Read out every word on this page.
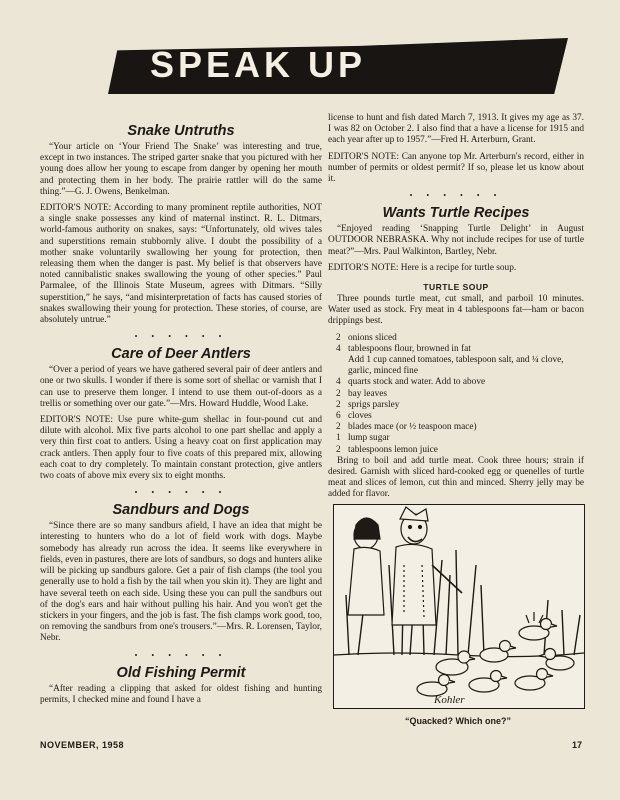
SPEAK UP
Snake Untruths

“Your article on ‘Your Friend The Snake’ was interesting and true, except in two instances. The striped garter snake that you pictured with her young does allow her young to escape from danger by opening her mouth and protecting them in her body. The prairie rattler will do the same thing.”—G. J. Owens, Benkelman.

EDITOR'S NOTE: According to many prominent reptile authorities, NOT a single snake possesses any kind of maternal instinct. R. L. Ditmars, world-famous authority on snakes, says: “Unfortunately, old wives tales and superstitions remain stubbornly alive. I doubt the possibility of a mother snake voluntarily swallowing her young for protection, then releasing them when the danger is past. My belief is that observers have noted cannibalistic snakes swallowing the young of other species.” Paul Parmalee, of the Illinois State Museum, agrees with Ditmars. “Silly superstition,” he says, “and misinterpretation of facts has caused stories of snakes swallowing their young for protection. These stories, of course, are absolutely untrue.”

• • • • • •
Care of Deer Antlers

“Over a period of years we have gathered several pair of deer antlers and one or two skulls. I wonder if there is some sort of shellac or varnish that I can use to preserve them longer. I intend to use them out-of-doors as a trellis or something over our gate.”—Mrs. Howard Huddle, Wood Lake.

EDITOR'S NOTE: Use pure white-gum shellac in four-pound cut and dilute with alcohol. Mix five parts alcohol to one part shellac and apply a very thin first coat to antlers. Using a heavy coat on first application may crack antlers. Then apply four to five coats of this prepared mix, allowing each coat to dry completely. To maintain constant protection, give antlers two coats of above mix every six to eight months.

• • • • • •
Sandburs and Dogs

“Since there are so many sandburs afield, I have an idea that might be interesting to hunters who do a lot of field work with dogs. Maybe somebody has already run across the idea. It seems like everywhere in fields, even in pastures, there are lots of sandburs, so dogs and hunters alike will be picking up sandburs galore. Get a pair of fish clamps (the tool you generally use to hold a fish by the tail when you skin it). They are light and have several teeth on each side. Using these you can pull the sandburs out of the dog's ears and hair without pulling his hair. And you won't get the stickers in your fingers, and the job is fast. The fish clamps work good, too, on removing the sandburs from one's trousers.”—Mrs. R. Lorensen, Taylor, Nebr.

• • • • • •
Old Fishing Permit

“After reading a clipping that asked for oldest fishing and hunting permits, I checked mine and found I have a

license to hunt and fish dated March 7, 1913. It gives my age as 37. I was 82 on October 2. I also find that a have a license for 1915 and each year after up to 1957.”—Fred H. Arterburn, Grant.

EDITOR'S NOTE: Can anyone top Mr. Arterburn's record, either in number of permits or oldest permit? If so, please let us know about it.

• • • • • •
Wants Turtle Recipes

“Enjoyed reading ‘Snapping Turtle Delight’ in August OUTDOOR NEBRASKA. Why not include recipes for use of turtle meat?”—Mrs. Paul Walkinton, Bartley, Nebr.

EDITOR'S NOTE: Here is a recipe for turtle soup.

TURTLE SOUP

Three pounds turtle meat, cut small, and parboil 10 minutes. Water used as stock. Fry meat in 4 tablespoons fat—ham or bacon drippings best.

2 onions sliced
4 tablespoons flour, browned in fat
Add 1 cup canned tomatoes, tablespoon salt, and ¼ clove, garlic, minced fine
4 quarts stock and water. Add to above
2 bay leaves
2 sprigs parsley
6 cloves
2 blades mace (or ½ teaspoon mace)
1 lump sugar
2 tablespoons lemon juice

Bring to boil and add turtle meat. Cook three hours; strain if desired. Garnish with sliced hard-cooked egg or quenelles of turtle meat and slices of lemon, cut thin and minced. Sherry jelly may be added for flavor.

Kohler
“Quacked? Which one?”
NOVEMBER, 1958	17
